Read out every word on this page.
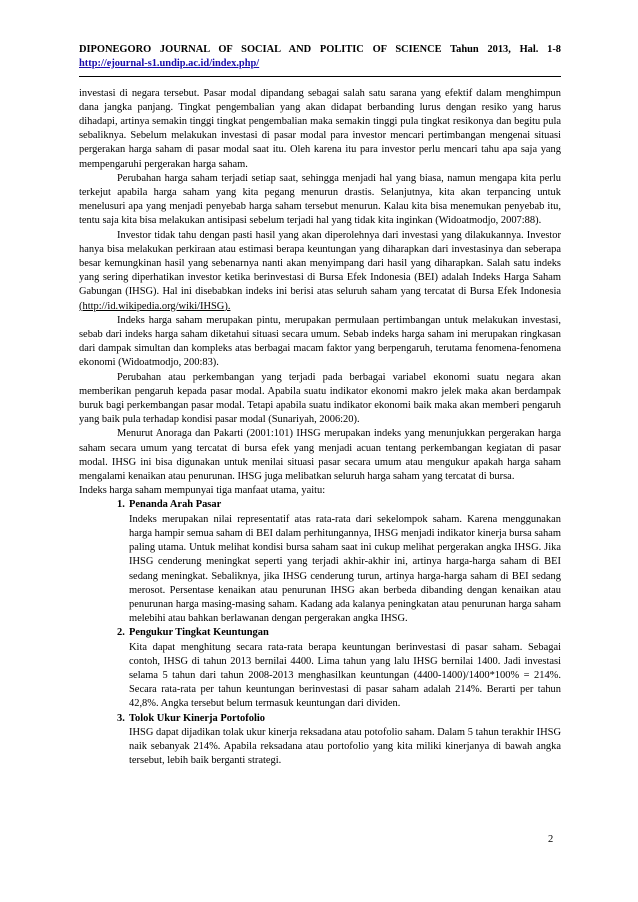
DIPONEGORO JOURNAL OF SOCIAL AND POLITIC OF SCIENCE Tahun 2013, Hal. 1-8
http://ejournal-s1.undip.ac.id/index.php/

investasi di negara tersebut. Pasar modal dipandang sebagai salah satu sarana yang efektif dalam menghimpun dana jangka panjang. Tingkat pengembalian yang akan didapat berbanding lurus dengan resiko yang harus dihadapi, artinya semakin tinggi tingkat pengembalian maka semakin tinggi pula tingkat resikonya dan begitu pula sebaliknya. Sebelum melakukan investasi di pasar modal para investor mencari pertimbangan mengenai situasi pergerakan harga saham di pasar modal saat itu. Oleh karena itu para investor perlu mencari tahu apa saja yang mempengaruhi pergerakan harga saham.

Perubahan harga saham terjadi setiap saat, sehingga menjadi hal yang biasa, namun mengapa kita perlu terkejut apabila harga saham yang kita pegang menurun drastis. Selanjutnya, kita akan terpancing untuk menelusuri apa yang menjadi penyebab harga saham tersebut menurun. Kalau kita bisa menemukan penyebab itu, tentu saja kita bisa melakukan antisipasi sebelum terjadi hal yang tidak kita inginkan (Widoatmodjo, 2007:88).

Investor tidak tahu dengan pasti hasil yang akan diperolehnya dari investasi yang dilakukannya. Investor hanya bisa melakukan perkiraan atau estimasi berapa keuntungan yang diharapkan dari investasinya dan seberapa besar kemungkinan hasil yang sebenarnya nanti akan menyimpang dari hasil yang diharapkan. Salah satu indeks yang sering diperhatikan investor ketika berinvestasi di Bursa Efek Indonesia (BEI) adalah Indeks Harga Saham Gabungan (IHSG). Hal ini disebabkan indeks ini berisi atas seluruh saham yang tercatat di Bursa Efek Indonesia (http://id.wikipedia.org/wiki/IHSG).

Indeks harga saham merupakan pintu, merupakan permulaan pertimbangan untuk melakukan investasi, sebab dari indeks harga saham diketahui situasi secara umum. Sebab indeks harga saham ini merupakan ringkasan dari dampak simultan dan kompleks atas berbagai macam faktor yang berpengaruh, terutama fenomena-fenomena ekonomi (Widoatmodjo, 200:83).

Perubahan atau perkembangan yang terjadi pada berbagai variabel ekonomi suatu negara akan memberikan pengaruh kepada pasar modal. Apabila suatu indikator ekonomi makro jelek maka akan berdampak buruk bagi perkembangan pasar modal. Tetapi apabila suatu indikator ekonomi baik maka akan memberi pengaruh yang baik pula terhadap kondisi pasar modal (Sunariyah, 2006:20).

Menurut Anoraga dan Pakarti (2001:101) IHSG merupakan indeks yang menunjukkan pergerakan harga saham secara umum yang tercatat di bursa efek yang menjadi acuan tentang perkembangan kegiatan di pasar modal. IHSG ini bisa digunakan untuk menilai situasi pasar secara umum atau mengukur apakah harga saham mengalami kenaikan atau penurunan. IHSG juga melibatkan seluruh harga saham yang tercatat di bursa.

Indeks harga saham mempunyai tiga manfaat utama, yaitu:

1. Penanda Arah Pasar
Indeks merupakan nilai representatif atas rata-rata dari sekelompok saham. Karena menggunakan harga hampir semua saham di BEI dalam perhitungannya, IHSG menjadi indikator kinerja bursa saham paling utama. Untuk melihat kondisi bursa saham saat ini cukup melihat pergerakan angka IHSG. Jika IHSG cenderung meningkat seperti yang terjadi akhir-akhir ini, artinya harga-harga saham di BEI sedang meningkat. Sebaliknya, jika IHSG cenderung turun, artinya harga-harga saham di BEI sedang merosot. Persentase kenaikan atau penurunan IHSG akan berbeda dibanding dengan kenaikan atau penurunan harga masing-masing saham. Kadang ada kalanya peningkatan atau penurunan harga saham melebihi atau bahkan berlawanan dengan pergerakan angka IHSG.
2. Pengukur Tingkat Keuntungan
Kita dapat menghitung secara rata-rata berapa keuntungan berinvestasi di pasar saham. Sebagai contoh, IHSG di tahun 2013 bernilai 4400. Lima tahun yang lalu IHSG bernilai 1400. Jadi investasi selama 5 tahun dari tahun 2008-2013 menghasilkan keuntungan (4400-1400)/1400*100% = 214%. Secara rata-rata per tahun keuntungan berinvestasi di pasar saham adalah 214%. Berarti per tahun 42,8%. Angka tersebut belum termasuk keuntungan dari dividen.
3. Tolok Ukur Kinerja Portofolio
IHSG dapat dijadikan tolak ukur kinerja reksadana atau potofolio saham. Dalam 5 tahun terakhir IHSG naik sebanyak 214%. Apabila reksadana atau portofolio yang kita miliki kinerjanya di bawah angka tersebut, lebih baik berganti strategi.
2
